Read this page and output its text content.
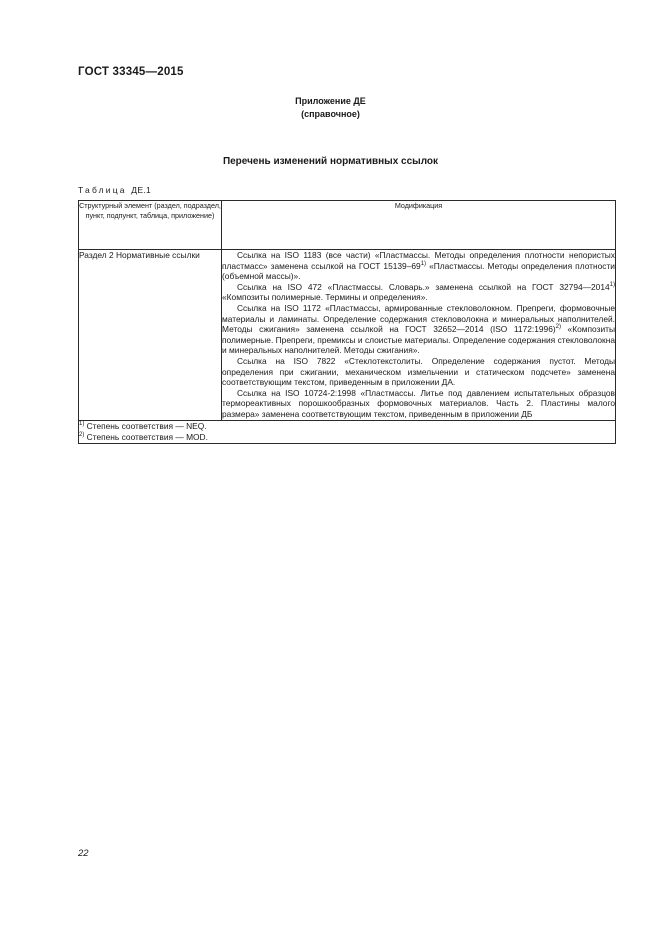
ГОСТ 33345—2015
Приложение ДЕ
(справочное)
Перечень изменений нормативных ссылок
Таблица ДЕ.1
Структурный элемент (раздел, подраздел, пункт, подпункт, таблица, приложение)	Модификация
Раздел 2 Нормативные ссылки	Ссылка на ISO 1183 (все части) «Пластмассы. Методы определения плотности непористых пластмасс» заменена ссылкой на ГОСТ 15139–69$^{1)}$ «Пластмассы. Методы определения плотности (объемной массы)».

Ссылка на ISO 472 «Пластмассы. Словарь.» заменена ссылкой на ГОСТ 32794—2014$^{1)}$ «Композиты полимерные. Термины и определения».

Ссылка на ISO 1172 «Пластмассы, армированные стекловолокном. Препреги, формовочные материалы и ламинаты. Определение содержания стекловолокна и минеральных наполнителей. Методы сжигания» заменена ссылкой на ГОСТ 32652—2014 (ISO 1172:1996)$^{2)}$ «Композиты полимерные. Препреги, премиксы и слоистые материалы. Определение содержания стекловолокна и минеральных наполнителей. Методы сжигания».

Ссылка на ISO 7822 «Стеклотекстолиты. Определение содержания пустот. Методы определения при сжигании, механическом измельчении и статическом подсчете» заменена соответствующим текстом, приведенным в приложении ДА.

Ссылка на ISO 10724-2:1998 «Пластмассы. Литье под давлением испытательных образцов термореактивных порошкообразных формовочных материалов. Часть 2. Пластины малого размера» заменена соответствующим текстом, приведенным в приложении ДБ

$^{1)}$ Степень соответствия — NEQ.
$^{2)}$ Степень соответствия — MOD.	
22
